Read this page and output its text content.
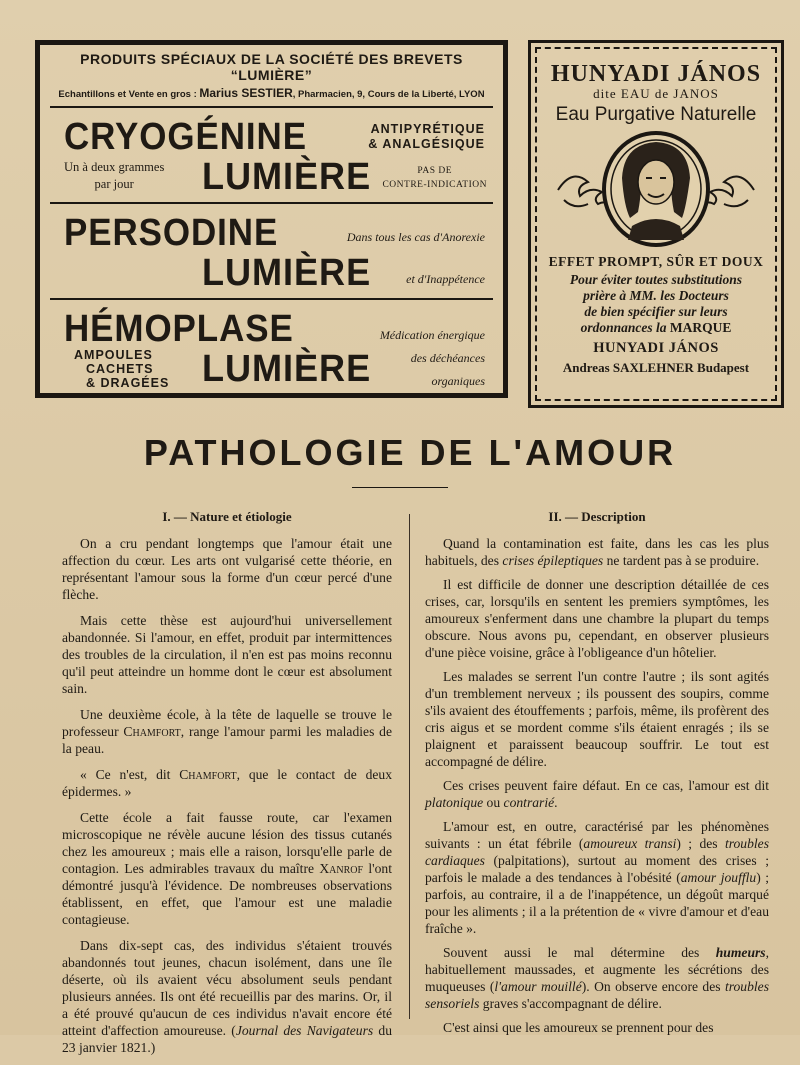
PRODUITS SPÉCIAUX DE LA SOCIÉTÉ DES BREVETS “LUMIÈRE”
Echantillons et Vente en gros : Marius SESTIER, Pharmacien, 9, Cours de la Liberté, LYON
CRYOGÉNINE	ANTIPYRÉTIQUE
& ANALGÉSIQUE
Un à deux grammes
par jour	LUMIÈRE	PAS DE
CONTRE-INDICATION
PERSODINE	Dans tous les cas d'Anorexie
LUMIÈRE	et d'Inappétence
HÉMOPLASE
AMPOULES
CACHETS
& DRAGÉES LUMIÈRE
Médication énergique
des déchéances
organiques
HUNYADI JÁNOS
dite EAU de JANOS
Eau Purgative Naturelle
EFFET PROMPT, SÛR ET DOUX
Pour éviter toutes substitutions
prière à MM. les Docteurs
de bien spécifier sur leurs
ordonnances la MARQUE
HUNYADI JÁNOS
Andreas SAXLEHNER Budapest
PATHOLOGIE DE L'AMOUR
I. — Nature et étiologie

On a cru pendant longtemps que l'amour était une affection du cœur. Les arts ont vulgarisé cette théorie, en représentant l'amour sous la forme d'un cœur percé d'une flèche.

Mais cette thèse est aujourd'hui universellement abandonnée. Si l'amour, en effet, produit par intermittences des troubles de la circulation, il n'en est pas moins reconnu qu'il peut atteindre un homme dont le cœur est absolument sain.

Une deuxième école, à la tête de laquelle se trouve le professeur Chamfort, range l'amour parmi les maladies de la peau.

« Ce n'est, dit Chamfort, que le contact de deux épidermes. »

Cette école a fait fausse route, car l'examen microscopique ne révèle aucune lésion des tissus cutanés chez les amoureux ; mais elle a raison, lorsqu'elle parle de contagion. Les admirables travaux du maître Xanrof l'ont démontré jusqu'à l'évidence. De nombreuses observations établissent, en effet, que l'amour est une maladie contagieuse.

Dans dix-sept cas, des individus s'étaient trouvés abandonnés tout jeunes, chacun isolément, dans une île déserte, où ils avaient vécu absolument seuls pendant plusieurs années. Ils ont été recueillis par des marins. Or, il a été prouvé qu'aucun de ces individus n'avait encore été atteint d'affection amoureuse. (Journal des Navigateurs du 23 janvier 1821.)

II. — Description

Quand la contamination est faite, dans les cas les plus habituels, des crises épileptiques ne tardent pas à se produire.

Il est difficile de donner une description détaillée de ces crises, car, lorsqu'ils en sentent les premiers symptômes, les amoureux s'enferment dans une chambre la plupart du temps obscure. Nous avons pu, cependant, en observer plusieurs d'une pièce voisine, grâce à l'obligeance d'un hôtelier.

Les malades se serrent l'un contre l'autre ; ils sont agités d'un tremblement nerveux ; ils poussent des soupirs, comme s'ils avaient des étouffements ; parfois, même, ils profèrent des cris aigus et se mordent comme s'ils étaient enragés ; ils se plaignent et paraissent beaucoup souffrir. Le tout est accompagné de délire.

Ces crises peuvent faire défaut. En ce cas, l'amour est dit platonique ou contrarié.

L'amour est, en outre, caractérisé par les phénomènes suivants : un état fébrile (amoureux transi) ; des troubles cardiaques (palpitations), surtout au moment des crises ; parfois le malade a des tendances à l'obésité (amour joufflu) ; parfois, au contraire, il a de l'inappétence, un dégoût marqué pour les aliments ; il a la prétention de « vivre d'amour et d'eau fraîche ».

Souvent aussi le mal détermine des humeurs, habituellement maussades, et augmente les sécrétions des muqueuses (l'amour mouillé). On observe encore des troubles sensoriels graves s'accompagnant de délire.

C'est ainsi que les amoureux se prennent pour des
